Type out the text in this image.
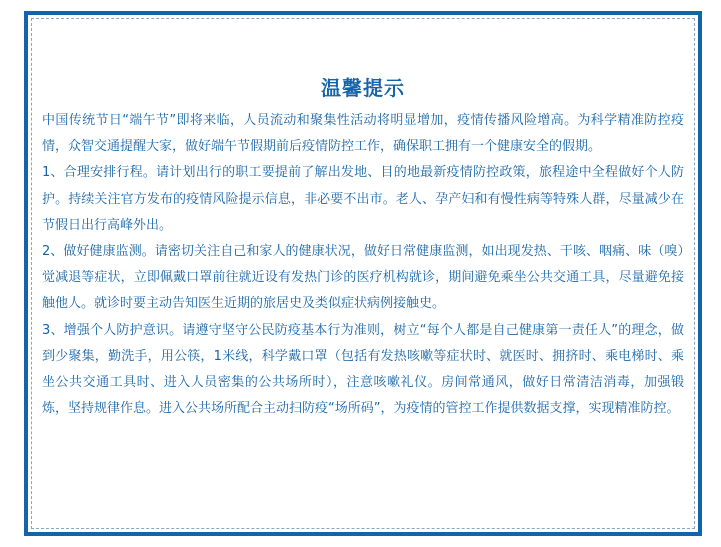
温馨提示

中国传统节日“端午节”即将来临，人员流动和聚集性活动将明显增加，疫情传播风险增高。为科学精准防控疫情，众智交通提醒大家，做好端午节假期前后疫情防控工作，确保职工拥有一个健康安全的假期。

1、合理安排行程。请计划出行的职工要提前了解出发地、目的地最新疫情防控政策，旅程途中全程做好个人防护。持续关注官方发布的疫情风险提示信息，非必要不出市。老人、孕产妇和有慢性病等特殊人群，尽量减少在节假日出行高峰外出。

2、做好健康监测。请密切关注自己和家人的健康状况，做好日常健康监测，如出现发热、干咳、咽痛、味（嗅）觉减退等症状，立即佩戴口罩前往就近设有发热门诊的医疗机构就诊，期间避免乘坐公共交通工具，尽量避免接触他人。就诊时要主动告知医生近期的旅居史及类似症状病例接触史。

3、增强个人防护意识。请遵守坚守公民防疫基本行为准则，树立“每个人都是自己健康第一责任人”的理念，做到少聚集，勤洗手，用公筷，1米线，科学戴口罩（包括有发热咳嗽等症状时、就医时、拥挤时、乘电梯时、乘坐公共交通工具时、进入人员密集的公共场所时），注意咳嗽礼仪。房间常通风，做好日常清洁消毒，加强锻炼，坚持规律作息。进入公共场所配合主动扫防疫“场所码”，为疫情的管控工作提供数据支撑，实现精准防控。
